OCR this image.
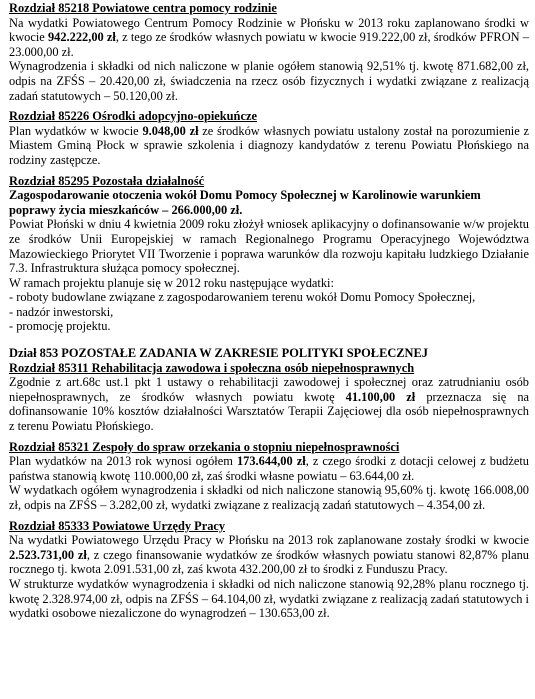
Rozdział 85218 Powiatowe centra pomocy rodzinie

Na wydatki Powiatowego Centrum Pomocy Rodzinie w Płońsku w 2013 roku zaplanowano środki w kwocie 942.222,00 zł, z tego ze środków własnych powiatu w kwocie 919.222,00 zł, środków PFRON – 23.000,00 zł.

Wynagrodzenia i składki od nich naliczone w planie ogółem stanowią 92,51% tj. kwotę 871.682,00 zł, odpis na ZFŚS – 20.420,00 zł, świadczenia na rzecz osób fizycznych i wydatki związane z realizacją zadań statutowych – 50.120,00 zł.

Rozdział 85226 Ośrodki adopcyjno-opiekuńcze

Plan wydatków w kwocie 9.048,00 zł ze środków własnych powiatu ustalony został na porozumienie z Miastem Gminą Płock w sprawie szkolenia i diagnozy kandydatów z terenu Powiatu Płońskiego na rodziny zastępcze.

Rozdział 85295 Pozostała działalność
Zagospodarowanie otoczenia wokół Domu Pomocy Społecznej w Karolinowie warunkiem poprawy życia mieszkańców – 266.000,00 zł.

Powiat Płoński w dniu 4 kwietnia 2009 roku złożył wniosek aplikacyjny o dofinansowanie w/w projektu ze środków Unii Europejskiej w ramach Regionalnego Programu Operacyjnego Województwa Mazowieckiego Priorytet VII Tworzenie i poprawa warunków dla rozwoju kapitału ludzkiego Działanie 7.3. Infrastruktura służąca pomocy społecznej.

W ramach projektu planuje się w 2012 roku następujące wydatki:

- roboty budowlane związane z zagospodarowaniem terenu wokół Domu Pomocy Społecznej,
- nadzór inwestorski,
- promocję projektu.
Dział 853 POZOSTAŁE ZADANIA W ZAKRESIE POLITYKI SPOŁECZNEJ
Rozdział 85311 Rehabilitacja zawodowa i społeczna osób niepełnosprawnych

Zgodnie z art.68c ust.1 pkt 1 ustawy o rehabilitacji zawodowej i społecznej oraz zatrudnianiu osób niepełnosprawnych, ze środków własnych powiatu kwotę 41.100,00 zł przeznacza się na dofinansowanie 10% kosztów działalności Warsztatów Terapii Zajęciowej dla osób niepełnosprawnych z terenu Powiatu Płońskiego.

Rozdział 85321 Zespoły do spraw orzekania o stopniu niepełnosprawności

Plan wydatków na 2013 rok wynosi ogółem 173.644,00 zł, z czego środki z dotacji celowej z budżetu państwa stanowią kwotę 110.000,00 zł, zaś środki własne powiatu – 63.644,00 zł.

W wydatkach ogółem wynagrodzenia i składki od nich naliczone stanowią 95,60% tj. kwotę 166.008,00 zł, odpis na ZFŚS – 3.282,00 zł, wydatki związane z realizacją zadań statutowych – 4.354,00 zł.

Rozdział 85333 Powiatowe Urzędy Pracy

Na wydatki Powiatowego Urzędu Pracy w Płońsku na 2013 rok zaplanowane zostały środki w kwocie 2.523.731,00 zł, z czego finansowanie wydatków ze środków własnych powiatu stanowi 82,87% planu rocznego tj. kwota 2.091.531,00 zł, zaś kwota 432.200,00 zł to środki z Funduszu Pracy.

W strukturze wydatków wynagrodzenia i składki od nich naliczone stanowią 92,28% planu rocznego tj. kwotę 2.328.974,00 zł, odpis na ZFŚS – 64.104,00 zł, wydatki związane z realizacją zadań statutowych i wydatki osobowe niezaliczone do wynagrodzeń – 130.653,00 zł.
